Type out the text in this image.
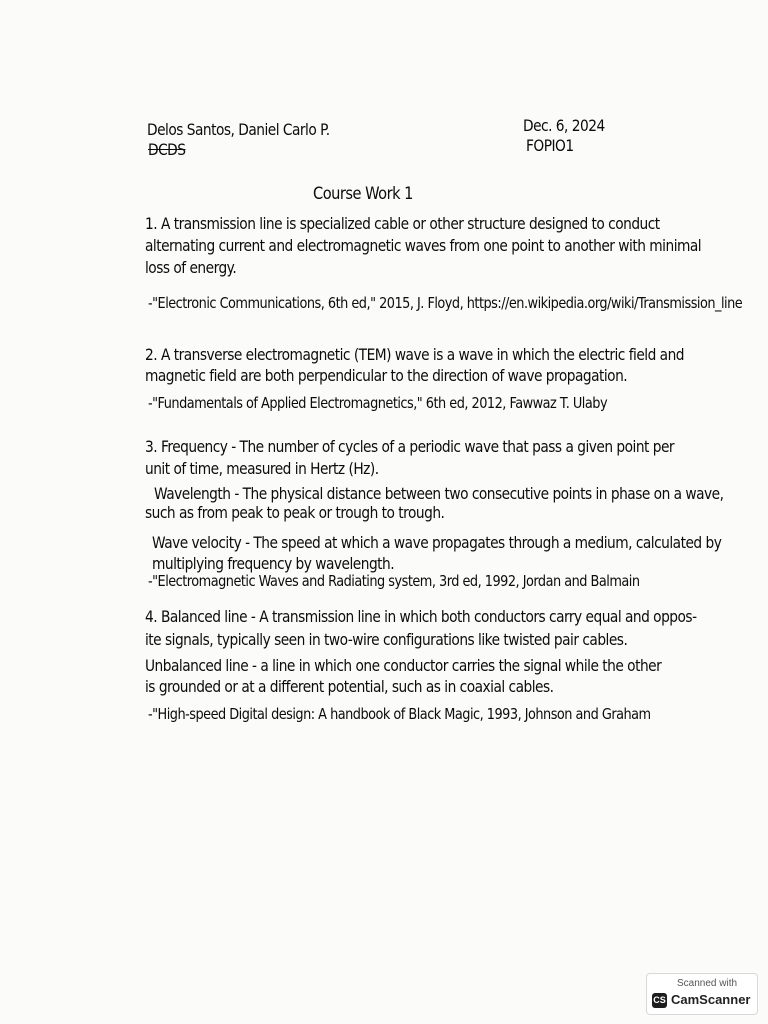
Delos Santos, Daniel Carlo P.
DCDS
Dec. 6, 2024
FOPIO1
Course Work 1
1. A transmission line is specialized cable or other structure designed to conduct
alternating current and electromagnetic waves from one point to another with minimal
loss of energy.
-"Electronic Communications, 6th ed," 2015, J. Floyd, https://en.wikipedia.org/wiki/Transmission_line
2. A transverse electromagnetic (TEM) wave is a wave in which the electric field and
magnetic field are both perpendicular to the direction of wave propagation.
-"Fundamentals of Applied Electromagnetics," 6th ed, 2012, Fawwaz T. Ulaby
3. Frequency - The number of cycles of a periodic wave that pass a given point per
unit of time, measured in Hertz (Hz).
Wavelength - The physical distance between two consecutive points in phase on a wave,
such as from peak to peak or trough to trough.
Wave velocity - The speed at which a wave propagates through a medium, calculated by
multiplying frequency by wavelength.
-"Electromagnetic Waves and Radiating system, 3rd ed, 1992, Jordan and Balmain
4. Balanced line - A transmission line in which both conductors carry equal and oppos-
ite signals, typically seen in two-wire configurations like twisted pair cables.
Unbalanced line - a line in which one conductor carries the signal while the other
is grounded or at a different potential, such as in coaxial cables.
-"High-speed Digital design: A handbook of Black Magic, 1993, Johnson and Graham
Scanned with
CS CamScanner
